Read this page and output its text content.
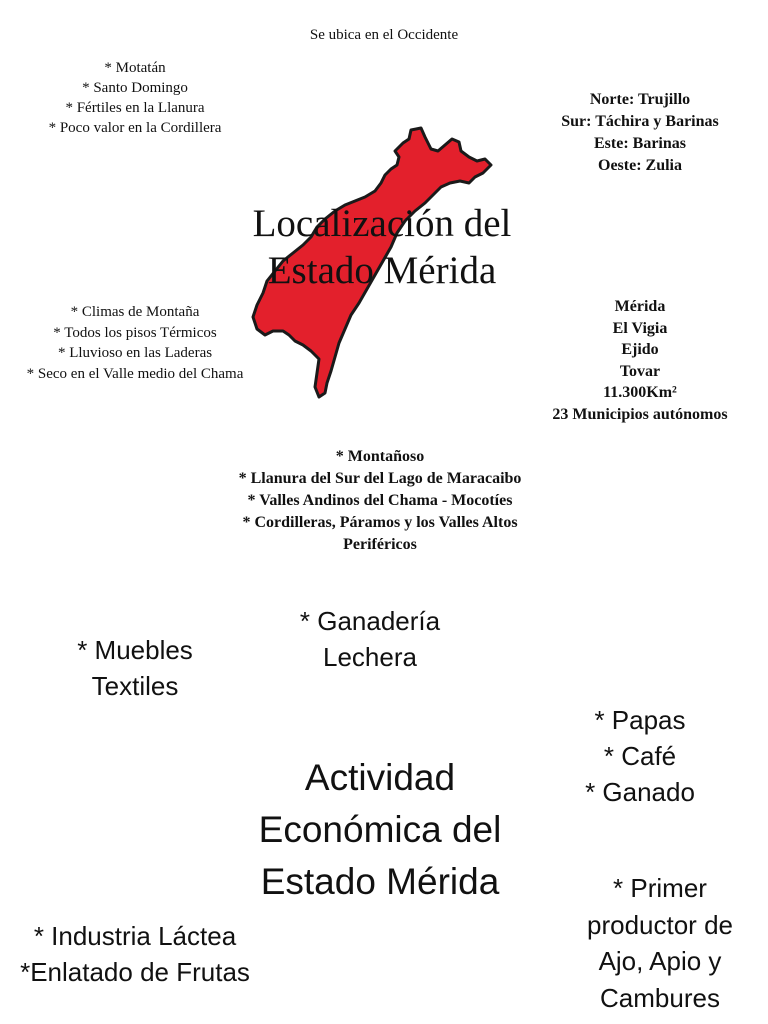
Se ubica en el Occidente
* Motatán
* Santo Domingo
* Fértiles en la Llanura
* Poco valor en la Cordillera
Norte: Trujillo
Sur: Táchira y Barinas
Este: Barinas
Oeste: Zulia
Localización del
Estado Mérida
* Climas de Montaña
* Todos los pisos Térmicos
* Lluvioso en las Laderas
* Seco en el Valle medio del Chama
Mérida
El Vigia
Ejido
Tovar
11.300Km²
23 Municipios autónomos
* Montañoso
* Llanura del Sur del Lago de Maracaibo
* Valles Andinos del Chama - Mocotíes
* Cordilleras, Páramos y los Valles Altos Periféricos
* Ganadería
Lechera
* Muebles
Textiles
* Papas
* Café
* Ganado
Actividad
Económica del
Estado Mérida	* Primer
productor de
Ajo, Apio y
Cambures
* Industria Láctea
*Enlatado de Frutas
